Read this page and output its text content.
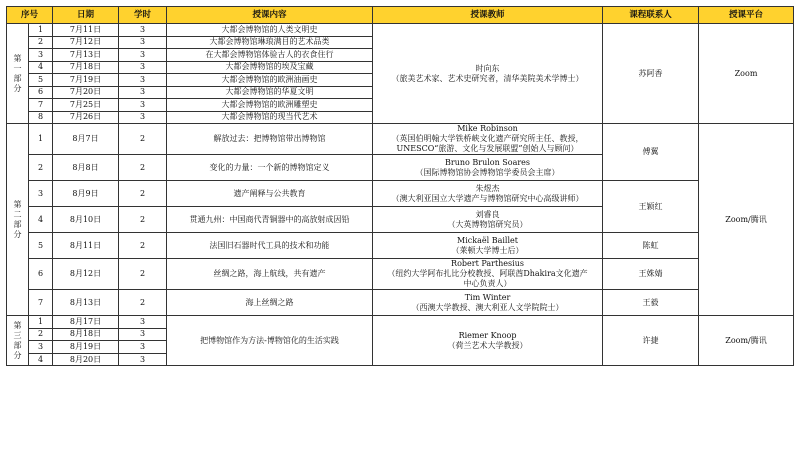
序号		日期	学时	授课内容	授课教师	课程联系人	授课平台

第
一
部
分	1	7月11日	3	大都会博物馆的人类文明史	时向东
（旅美艺术家、艺术史研究者，清华美院美术学博士）	苏阿香	Zoom
	2	7月12日	3	大都会博物馆琳琅满目的艺术品类			
	3	7月13日	3	在大都会博物馆体验古人的衣食住行			
	4	7月18日	3	大都会博物馆的埃及宝藏			
	5	7月19日	3	大都会博物馆的欧洲油画史			
	6	7月20日	3	大都会博物馆的华夏文明			
	7	7月25日	3	大都会博物馆的欧洲雕塑史			
	8	7月26日	3	大都会博物馆的现当代艺术			

第
二
部
分	1	8月7日	2	解放过去：把博物馆带出博物馆	Mike Robinson
（英国伯明翰大学铁桥峡文化遗产研究所主任、教授，
UNESCO“旅游、文化与发展联盟”创始人与顾问）	傅翼	Zoom/腾讯
	2	8月8日	2	变化的力量：一个新的博物馆定义	Bruno Brulon Soares
（国际博物馆协会博物馆学委员会主席）		

	3	8月9日	2	遗产阐释与公共教育	朱煜杰
（澳大利亚国立大学遗产与博物馆研究中心高级讲师）	王颖红	
	4	8月10日	2	贯通九州：中国商代青铜器中的高放射成因铅	刘睿良
（大英博物馆研究员）		

	5	8月11日	2	法国旧石器时代工具的技术和功能	Mickaël Baillet
（莱顿大学博士后）	陈虹	
	6	8月12日	2	丝绸之路，海上航线，共有遗产	Robert Parthesius
（纽约大学阿布扎比分校教授、阿联酋Dhakira文化遗产
中心负责人）	王姝婧	
	7	8月13日	2	海上丝绸之路	Tim Winter
（西澳大学教授、澳大利亚人文学院院士）	王毅	

第
三
部
分	1	8月17日	3	把博物馆作为方法-博物馆化的生活实践	Riemer Knoop
（荷兰艺术大学教授）	许捷	Zoom/腾讯
	2	8月18日	3				
	3	8月19日	3				
	4	8月20日	3				
